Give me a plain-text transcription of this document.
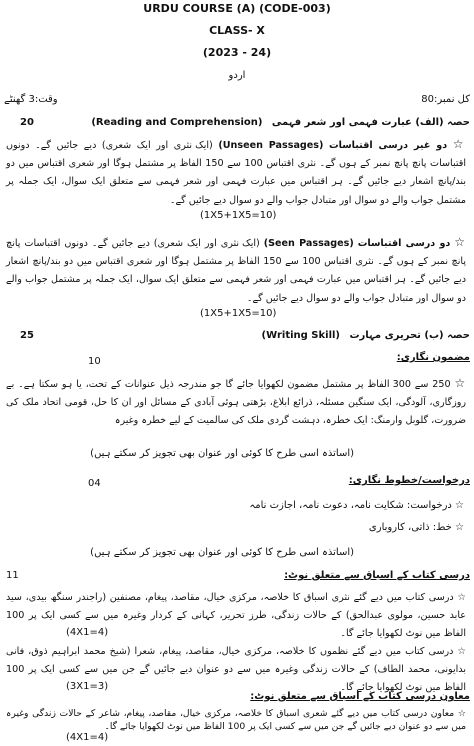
URDU COURSE (A) (CODE-003)
CLASS- X
(2023 - 24)
اردو
کل نمبر:80
وقت:3 گھنٹے
حصہ (الف) عبارت فہمی اور شعر فہمی (Reading and Comprehension)
20
☆ دو غیر درسی اقتباسات (Unseen Passages) (ایک نثری اور ایک شعری) دیے جائیں گے۔ دونوں اقتباسات پانچ پانچ نمبر کے ہوں گے۔ نثری اقتباس 100 سے 150 الفاظ پر مشتمل ہوگا اور شعری اقتباس میں دو بند/پانچ اشعار دیے جائیں گے۔ ہر اقتباس میں عبارت فہمی اور شعر فہمی سے متعلق ایک سوال، ایک جملہ پر مشتمل جواب والے دو سوال اور متبادل جواب والے دو سوال دیے جائیں گے۔
(1X5+1X5=10)
☆ دو درسی اقتباسات (Seen Passages) (ایک نثری اور ایک شعری) دیے جائیں گے۔ دونوں اقتباسات پانچ پانچ نمبر کے ہوں گے۔ نثری اقتباس 100 سے 150 الفاظ پر مشتمل ہوگا اور شعری اقتباس میں دو بند/پانچ اشعار دیے جائیں گے۔ ہر اقتباس میں عبارت فہمی اور شعر فہمی سے متعلق ایک سوال، ایک جملہ پر مشتمل جواب والے دو سوال اور متبادل جواب والے دو سوال دیے جائیں گے۔
(1X5+1X5=10)
حصہ (ب) تحریری مہارت (Writing Skill)
25
مضمون نگاری:
10
☆ 250 سے 300 الفاظ پر مشتمل مضمون لکھوایا جائے گا جو مندرجہ ذیل عنوانات کے تحت، یا ہو سکتا ہے۔ بے روزگاری، آلودگی، ایک سنگین مسئلہ، ذرائع ابلاغ، بڑھتی ہوئی آبادی کے مسائل اور ان کا حل، قومی اتحاد ملک کی ضرورت، گلوبل وارمنگ: ایک خطرہ، دہشت گردی ملک کی سالمیت کے لیے خطرہ وغیرہ
(اساتذہ اسی طرح کا کوئی اور عنوان بھی تجویز کر سکتے ہیں)
درخواست/خطوط نگاری:
04
☆ درخواست: شکایت نامہ، دعوت نامہ، اجازت نامہ
☆ خط: ذاتی، کاروباری
(اساتذہ اسی طرح کا کوئی اور عنوان بھی تجویز کر سکتے ہیں)
درسی کتاب کے اسباق سے متعلق نوٹ:
11
☆ درسی کتاب میں دیے گئے نثری اسباق کا خلاصہ، مرکزی خیال، مقاصد، پیغام، مصنفین (راجندر سنگھ بیدی، سید عابد حسین، مولوی عبدالحق) کے حالات زندگی، طرز تحریر، کہانی کے کردار وغیرہ میں سے کسی ایک پر 100 الفاظ میں نوٹ لکھوایا جائے گا۔
(4X1=4)
☆ درسی کتاب میں دیے گئے نظموں کا خلاصہ، مرکزی خیال، مقاصد، پیغام، شعرا (شیخ محمد ابراہیم ذوق، فانی بدایونی، محمد الطاف) کے حالات زندگی وغیرہ میں سے دو عنوان دیے جائیں گے جن میں سے کسی ایک پر 100 الفاظ میں نوٹ لکھوایا جائے گا۔
(3X1=3)
معاون درسی کتاب کے اسباق سے متعلق نوٹ:
☆ معاون درسی کتاب میں دیے گئے شعری اسباق کا خلاصہ، مرکزی خیال، مقاصد، پیغام، شاعر کے حالات زندگی وغیرہ میں سے دو عنوان دیے جائیں گے جن میں سے کسی ایک پر 100 الفاظ میں نوٹ لکھوایا جائے گا۔
(4X1=4)
